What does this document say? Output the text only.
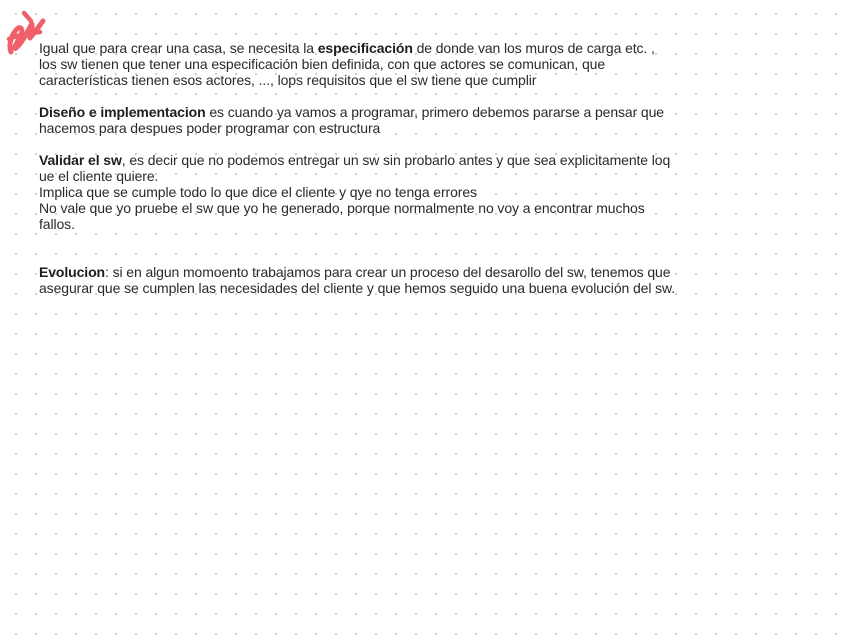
Igual que para crear una casa, se necesita la especificación de donde van los muros de carga etc. ,
los sw tienen que tener una especificación bien definida, con que actores se comunican, que
características tienen esos actores, ..., lops requisitos que el sw tiene que cumplir

Diseño e implementacion es cuando ya vamos a programar, primero debemos pararse a pensar que
hacemos para despues poder programar con estructura

Validar el sw, es decir que no podemos entregar un sw sin probarlo antes y que sea explicitamente loq
ue el cliente quiere.
Implica que se cumple todo lo que dice el cliente y qye no tenga errores
No vale que yo pruebe el sw que yo he generado, porque normalmente no voy a encontrar muchos
fallos.

Evolucion: si en algun momoento trabajamos para crear un proceso del desarollo del sw, tenemos que
asegurar que se cumplen las necesidades del cliente y que hemos seguido una buena evolución del sw.
